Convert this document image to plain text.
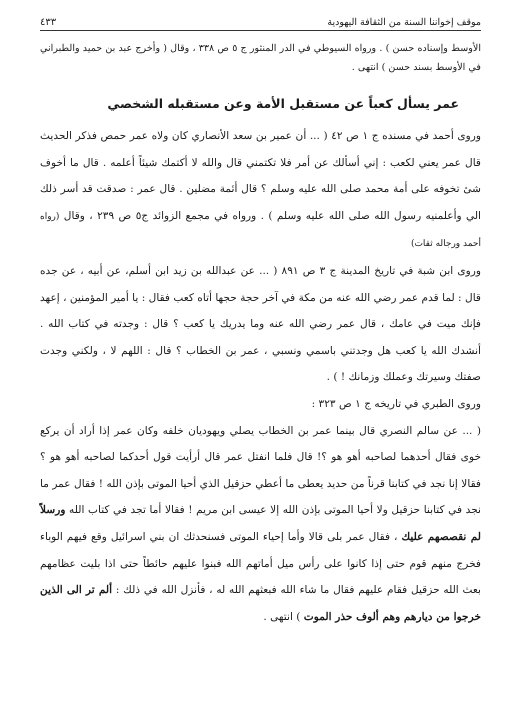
موقف إخواننا السنة من الثقافة اليهودية
٤٣٣

الأوسط وإسناده حسن ) . ورواه السيوطي في الدر المنثور ج ٥ ص ٣٣٨ ، وقال ( وأخرج عبد بن حميد والطبراني في الأوسط بسند حسن ) انتهى .

عمر يسأل كعباً عن مستقبل الأمة وعن مستقبله الشخصي

وروى أحمد في مسنده ج ١ ص ٤٢ ( ... أن عمير بن سعد الأنصاري كان ولاه عمر حمص فذكر الحديث قال عمر يعني لكعب : إني أسألك عن أمر فلا تكتمني قال والله لا أكتمك شيئاً أعلمه . قال ما أخوف شئ تخوفه على أمة محمد صلى الله عليه وسلم ؟ قال أئمة مضلين . قال عمر : صدقت قد أسر ذلك الي وأعلمنيه رسول الله صلى الله عليه وسلم ) . ورواه في مجمع الزوائد ج٥ ص ٢٣٩ ، وقال (رواه أحمد ورجاله ثقات)

وروى ابن شبة في تاريخ المدينة ج ٣ ص ٨٩١ ( ... عن عبدالله بن زيد ابن أسلم، عن أبيه ، عن جده قال : لما قدم عمر رضي الله عنه من مكة في آخر حجة حجها أتاه كعب فقال : يا أمير المؤمنين ، إعهد فإنك ميت في عامك ، قال عمر رضي الله عنه وما يدريك يا كعب ؟ قال : وجدته في كتاب الله . أنشدك الله يا كعب هل وجدتني باسمي ونسبي ، عمر بن الخطاب ؟ قال : اللهم لا ، ولكني وجدت صفتك وسيرتك وعملك وزمانك ! ) .

وروى الطبري في تاريخه ج ١ ص ٣٢٣ :

( ... عن سالم النصري قال بينما عمر بن الخطاب يصلي ويهوديان خلفه وكان عمر إذا أراد أن يركع خوى فقال أحدهما لصاحبه أهو هو ؟! قال فلما انفتل عمر قال أرأيت قول أحدكما لصاحبه أهو هو ؟ فقالا إنا نجد في كتابنا قرناً من حديد يعطى ما أعطي حزقيل الذي أحيا الموتى بإذن الله ! فقال عمر ما نجد في كتابنا حزقيل ولا أحيا الموتى بإذن الله إلا عيسى ابن مريم ! فقالا أما تجد في كتاب الله ورسلاً لم نقصصهم عليك ، فقال عمر بلى قالا وأما إحياء الموتى فسنحدثك ان بني اسرائيل وقع فيهم الوباء فخرج منهم قوم حتى إذا كانوا على رأس ميل أماتهم الله فبنوا عليهم حائطاً حتى اذا بليت عظامهم بعث الله حزقيل فقام عليهم فقال ما شاء الله فبعثهم الله له ، فأنزل الله في ذلك : ألم تر الى الذين خرجوا من ديارهم وهم ألوف حذر الموت ) انتهى .
